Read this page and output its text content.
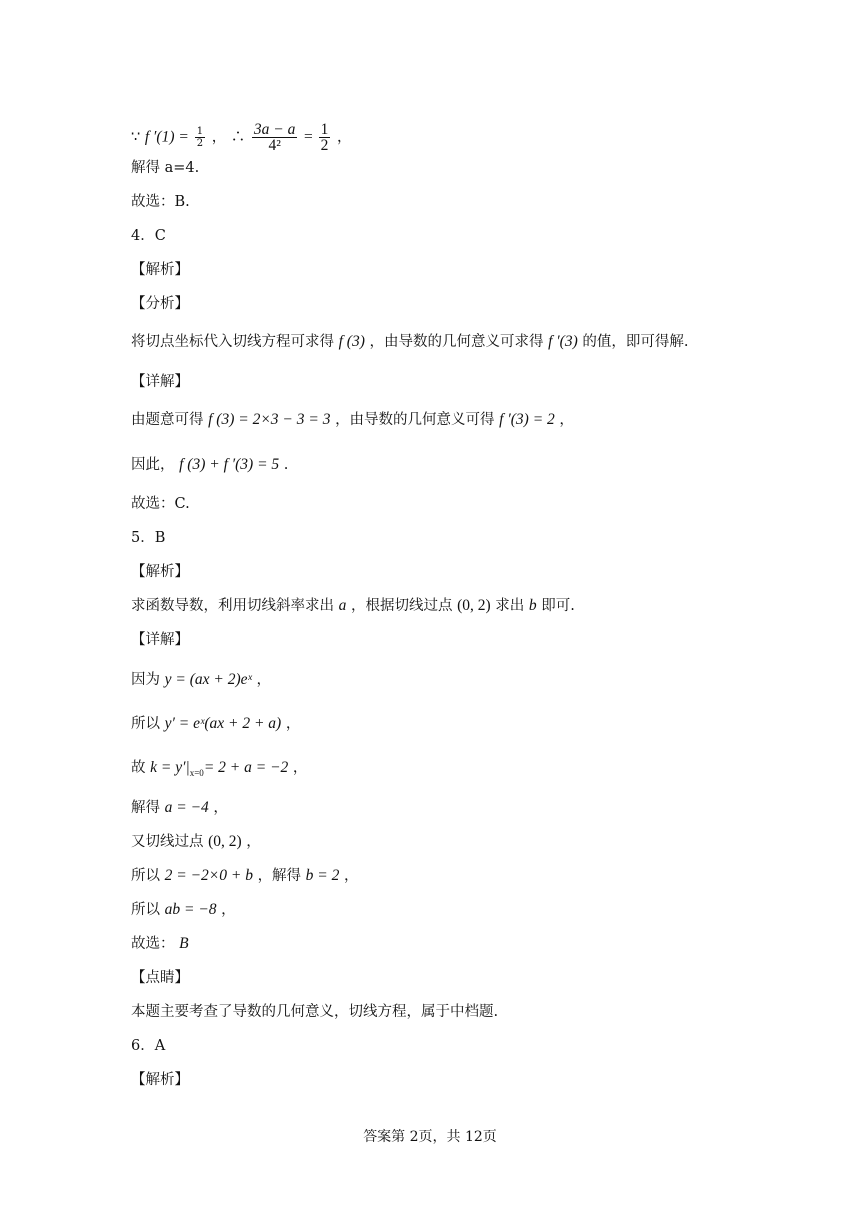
∵ f $'(1) = \frac{1}{2}$ ， ∴ $\frac{3a - a}{\text{4²}} = \frac{1}{2}$ ，
解得 a=4.
故选：B.
4．C
【解析】
【分析】
将切点坐标代入切线方程可求得 f (3) ，由导数的几何意义可求得 f ′(3) 的值，即可得解.
【详解】
由题意可得 f (3) = 2×3 − 3 = 3 ，由导数的几何意义可得 f ′(3) = 2 ，
因此， f (3) + f ′(3) = 5 .
故选：C.
5．B
【解析】
求函数导数，利用切线斜率求出 a ，根据切线过点 (0, 2) 求出 b 即可.
【详解】
因为 y = (ax + 2)eˣ ，
所以 y′ = eˣ(ax + 2 + a) ，
故 $k = y'|_{x=0}= 2 + a = -2$ ，
解得 a = −4 ，
又切线过点 (0, 2) ，
所以 2 = −2×0 + b ，解得 b = 2 ，
所以 ab = −8 ，
故选： B
【点睛】
本题主要考查了导数的几何意义，切线方程，属于中档题.
6．A
【解析】
答案第 2页，共 12页
